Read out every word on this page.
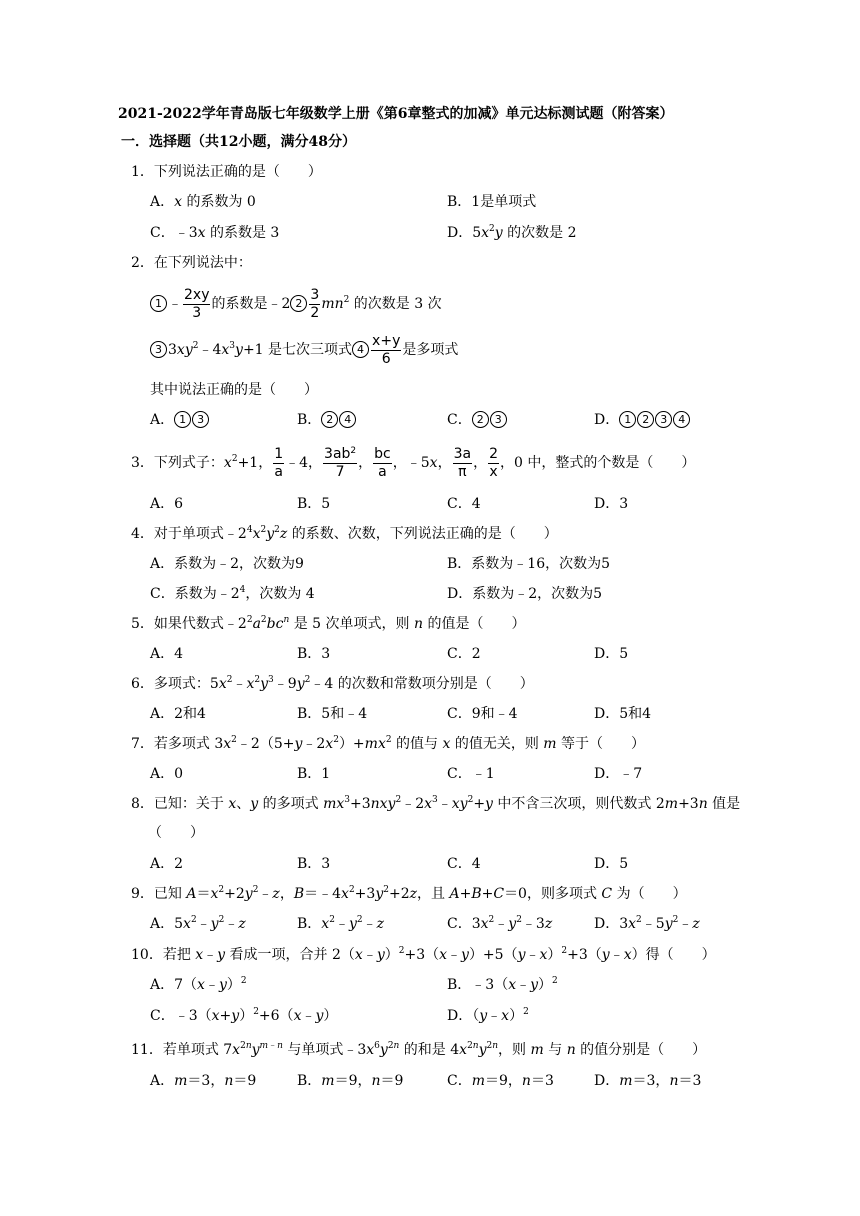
2021-2022学年青岛版七年级数学上册《第6章整式的加减》单元达标测试题（附答案）
一．选择题（共12小题，满分48分）
1．下列说法正确的是（　　）
A．x 的系数为 0	B．1是单项式
C．﹣3x 的系数是 3	D．$5x^2y$ 的次数是 2
2．在下列说法中：
1 ﹣ $\frac{2xy}{3}$ 的系数是﹣2 $2 \frac{3}{2} mn^2$ 的次数是 3 次
3 $3xy^2﹣4x^3y+1$ 是七次三项式 $4 \frac{x+y}{6}$ 是多项式
其中说法正确的是（　　）
A． 1 3	B． 2 4	C． 2 3	D． 1 2 3 4
3．下列式子：$x^2+1$， $\frac{1}{a}$ ﹣4， $\frac{3ab^2}{7}$ ， $\frac{bc}{a}$ ，﹣5x， $\frac{3a}{\pi}$ ， $\frac{2}{x}$ ，0 中，整式的个数是（　　）
A．6	B．5	C．4	D．3
4．对于单项式$﹣2^4x^2y^2z$ 的系数、次数，下列说法正确的是（　　）
A．系数为﹣2，次数为9	B．系数为﹣16，次数为5
C．系数为$﹣2^4$，次数为 4	D．系数为﹣2，次数为5
5．如果代数式$﹣2^2a^2bc^n$ 是 5 次单项式，则 n 的值是（　　）
A．4	B．3	C．2	D．5
6．多项式：$5x^2﹣x^2y^3﹣9y^2﹣4$ 的次数和常数项分别是（　　）
A．2和4	B．5和﹣4	C．9和﹣4	D．5和4
7．若多项式 $3x^2﹣2(5+y﹣2x^2)+mx^2$ 的值与 x 的值无关，则 m 等于（　　）
A．0	B．1	C．﹣1	D．﹣7
8．已知：关于 x、y 的多项式 $mx^3+3nxy^2﹣2x^3﹣xy^2+y$ 中不含三次项，则代数式 2m+3n 值是
（　　）
A．2	B．3	C．4	D．5
9．已知 $A=x^2+2y^2﹣z$，$B=﹣4x^2+3y^2+2z$，且 A+B+C＝0，则多项式 C 为（　　）
A．$5x^2﹣y^2﹣z$	B．$x^2﹣y^2﹣z$	C．$3x^2﹣y^2﹣3z$	D．$3x^2﹣5y^2﹣z$
10．若把 x﹣y 看成一项，合并 2（x﹣y）$^2$+3（x﹣y）+5（y﹣x）$^2$+3（y﹣x）得（　　）
A．7（x﹣y）$^2$	B．﹣3（x﹣y）$^2$
C．$﹣3(x+y)^2+6(x﹣y)$	D．（y﹣x）$^2$
11．若单项式 $7x^{2n}y^{m﹣n}$ 与单项式$﹣3x^6y^{2n}$ 的和是 $4x^{2n}y^{2n}$，则 m 与 n 的值分别是（　　）
A．m＝3，n＝9	B．m＝9，n＝9	C．m＝9，n＝3	D．m＝3，n＝3
